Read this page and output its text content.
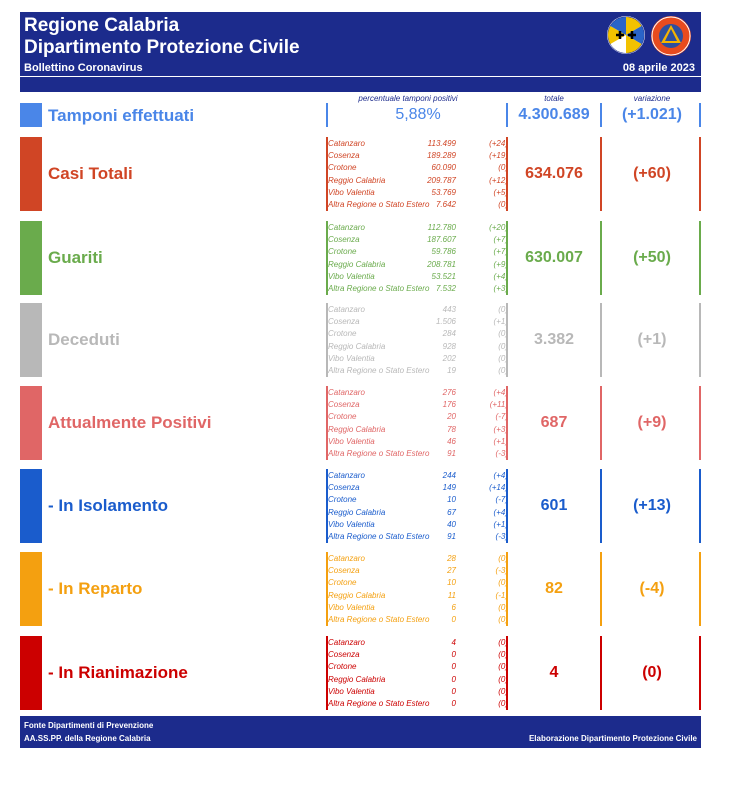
Regione Calabria
Dipartimento Protezione Civile
Bollettino Coronavirus	08 aprile 2023
percentuale tamponi positivi	totale	variazione
Tamponi effettuati	5,88%	4.300.689	(+1.021)
Casi Totali
Catanzaro	113.499	(+24)
Cosenza	189.289	(+19)
Crotone	60.090	(0)
Reggio Calabria	209.787	(+12)
Vibo Valentia	53.769	(+5)
Altra Regione o Stato Estero 7.642	(0)
634.076	(+60)
Guariti
Catanzaro	112.780	(+20)
Cosenza	187.607	(+7)
Crotone	59.786	(+7)
Reggio Calabria	208.781	(+9)
Vibo Valentia	53.521	(+4)
Altra Regione o Stato Estero 7.532	(+3)
630.007	(+50)
Deceduti
Catanzaro	443	(0)
Cosenza	1.506	(+1)
Crotone	284	(0)
Reggio Calabria	928	(0)
Vibo Valentia	202	(0)
Altra Regione o Stato Estero 19	(0)
3.382	(+1)
Attualmente Positivi
Catanzaro	276	(+4)
Cosenza	176	(+11)
Crotone	20	(-7)
Reggio Calabria	78	(+3)
Vibo Valentia	46	(+1)
Altra Regione o Stato Estero 91	(-3)
687	(+9)
- In Isolamento
Catanzaro	244	(+4)
Cosenza	149	(+14)
Crotone	10	(-7)
Reggio Calabria	67	(+4)
Vibo Valentia	40	(+1)
Altra Regione o Stato Estero 91	(-3)
601	(+13)
- In Reparto
Catanzaro	28	(0)
Cosenza	27	(-3)
Crotone	10	(0)
Reggio Calabria	11	(-1)
Vibo Valentia	6	(0)
Altra Regione o Stato Estero	0	(0)
82	(-4)
- In Rianimazione
Catanzaro	4	(0)
Cosenza	0	(0)
Crotone	0	(0)
Reggio Calabria	0	(0)
Vibo Valentia	0	(0)
Altra Regione o Stato Estero	0	(0)
4	(0)
Fonte Dipartimenti di Prevenzione
AA.SS.PP. della Regione Calabria	Elaborazione Dipartimento Protezione Civile
